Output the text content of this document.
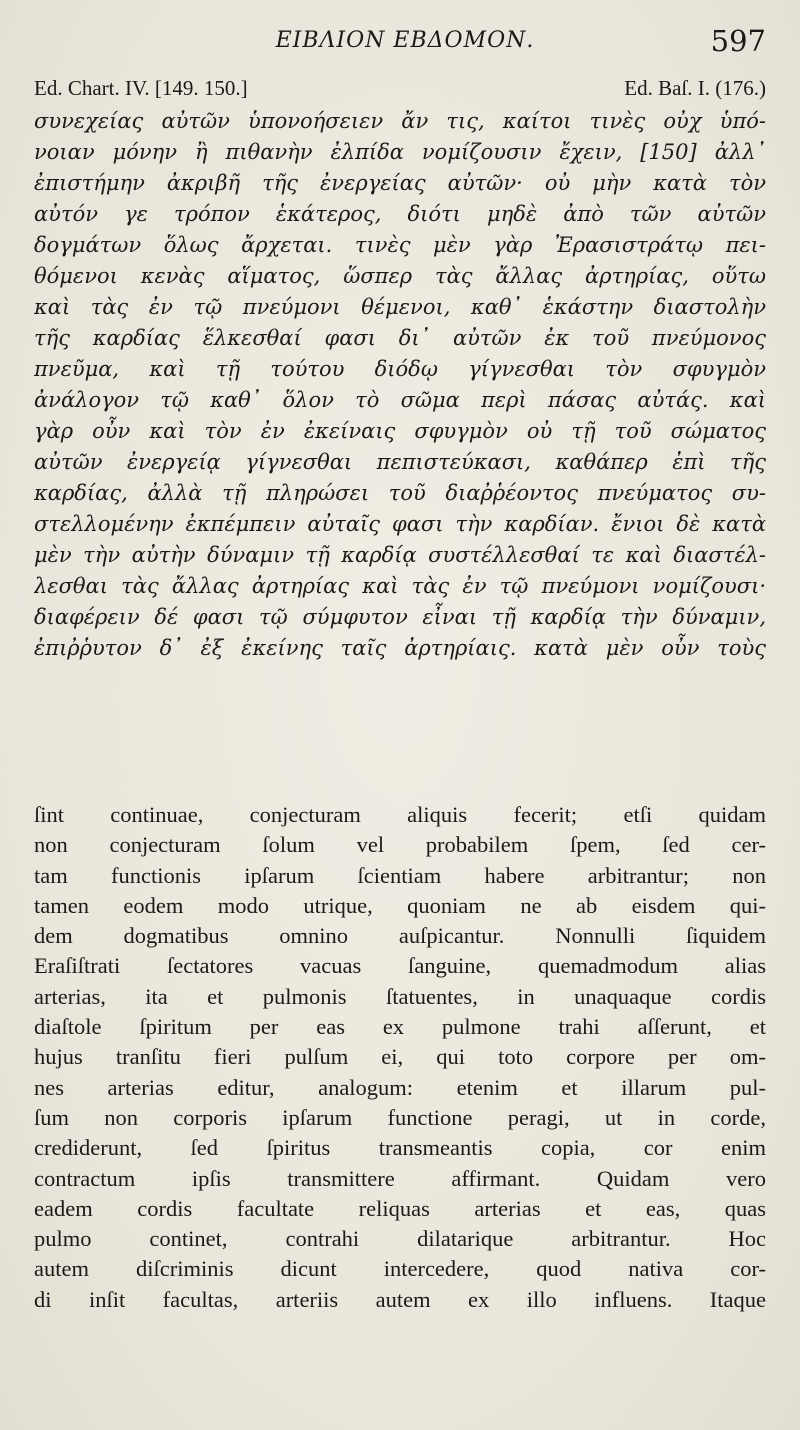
ΕΙΒΛΙΟΝ ΕΒΔΟΜΟΝ.	597
Ed. Chart. IV. [149. 150.]	Ed. Baſ. I. (176.)
συνεχείας αὐτῶν ὑπονοήσειεν ἄν τις, καίτοι τινὲς οὐχ ὑπό-
νοιαν μόνην ἢ πιθανὴν ἐλπίδα νομίζουσιν ἔχειν, [150] ἀλλ᾽
ἐπιστήμην ἀκριβῆ τῆς ἐνεργείας αὐτῶν· οὐ μὴν κατὰ τὸν
αὐτόν γε τρόπον ἑκάτερος, διότι μηδὲ ἀπὸ τῶν αὐτῶν
δογμάτων ὅλως ἄρχεται. τινὲς μὲν γὰρ Ἐρασιστράτῳ πει-
θόμενοι κενὰς αἵματος, ὥσπερ τὰς ἄλλας ἀρτηρίας, οὕτω
καὶ τὰς ἐν τῷ πνεύμονι θέμενοι, καθ᾽ ἑκάστην διαστολὴν
τῆς καρδίας ἕλκεσθαί φασι δι᾽ αὐτῶν ἐκ τοῦ πνεύμονος
πνεῦμα, καὶ τῇ τούτου διόδῳ γίγνεσθαι τὸν σφυγμὸν
ἀνάλογον τῷ καθ᾽ ὅλον τὸ σῶμα περὶ πάσας αὐτάς. καὶ
γὰρ οὖν καὶ τὸν ἐν ἐκείναις σφυγμὸν οὐ τῇ τοῦ σώματος
αὐτῶν ἐνεργείᾳ γίγνεσθαι πεπιστεύκασι, καθάπερ ἐπὶ τῆς
καρδίας, ἀλλὰ τῇ πληρώσει τοῦ διαῤῥέοντος πνεύματος συ-
στελλομένην ἐκπέμπειν αὐταῖς φασι τὴν καρδίαν. ἔνιοι δὲ κατὰ
μὲν τὴν αὐτὴν δύναμιν τῇ καρδίᾳ συστέλλεσθαί τε καὶ διαστέλ-
λεσθαι τὰς ἄλλας ἀρτηρίας καὶ τὰς ἐν τῷ πνεύμονι νομίζουσι·
διαφέρειν δέ φασι τῷ σύμφυτον εἶναι τῇ καρδίᾳ τὴν δύναμιν,
ἐπιῤῥυτον δ᾽ ἐξ ἐκείνης ταῖς ἀρτηρίαις. κατὰ μὲν οὖν τοὺς
ſint continuae, conjecturam aliquis fecerit; etſi quidam
non conjecturam ſolum vel probabilem ſpem, ſed cer-
tam functionis ipſarum ſcientiam habere arbitrantur; non
tamen eodem modo utrique, quoniam ne ab eisdem qui-
dem dogmatibus omnino auſpicantur. Nonnulli ſiquidem
Eraſiſtrati ſectatores vacuas ſanguine, quemadmodum alias
arterias, ita et pulmonis ſtatuentes, in unaquaque cordis
diaſtole ſpiritum per eas ex pulmone trahi aſſerunt, et
hujus tranſitu fieri pulſum ei, qui toto corpore per om-
nes arterias editur, analogum: etenim et illarum pul-
ſum non corporis ipſarum functione peragi, ut in corde,
crediderunt, ſed ſpiritus transmeantis copia, cor enim
contractum ipſis transmittere affirmant. Quidam vero
eadem cordis facultate reliquas arterias et eas, quas
pulmo continet, contrahi dilatarique arbitrantur. Hoc
autem diſcriminis dicunt intercedere, quod nativa cor-
di inſit facultas, arteriis autem ex illo influens. Itaque
